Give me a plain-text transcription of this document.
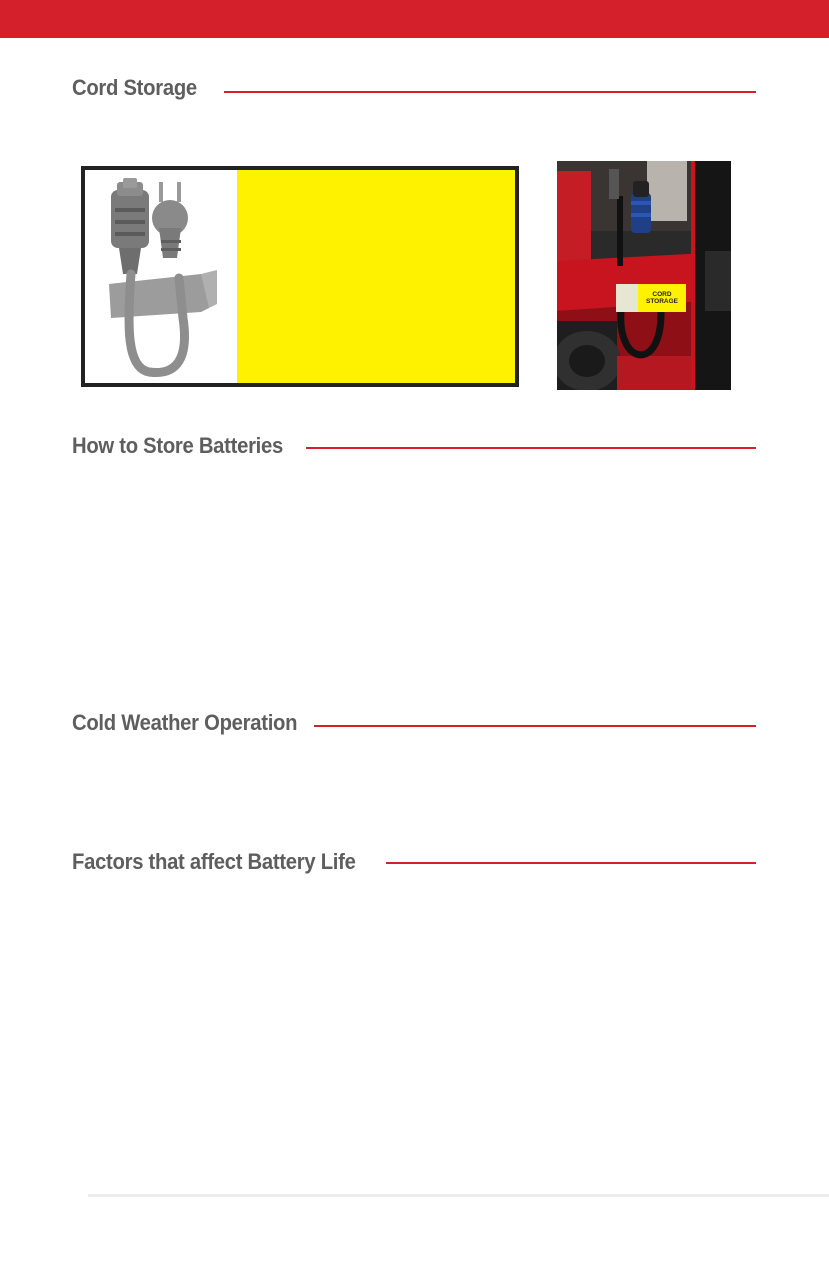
Cord Storage
CORD
STORAGE
How to Store Batteries
Cold Weather Operation
Factors that affect Battery Life
